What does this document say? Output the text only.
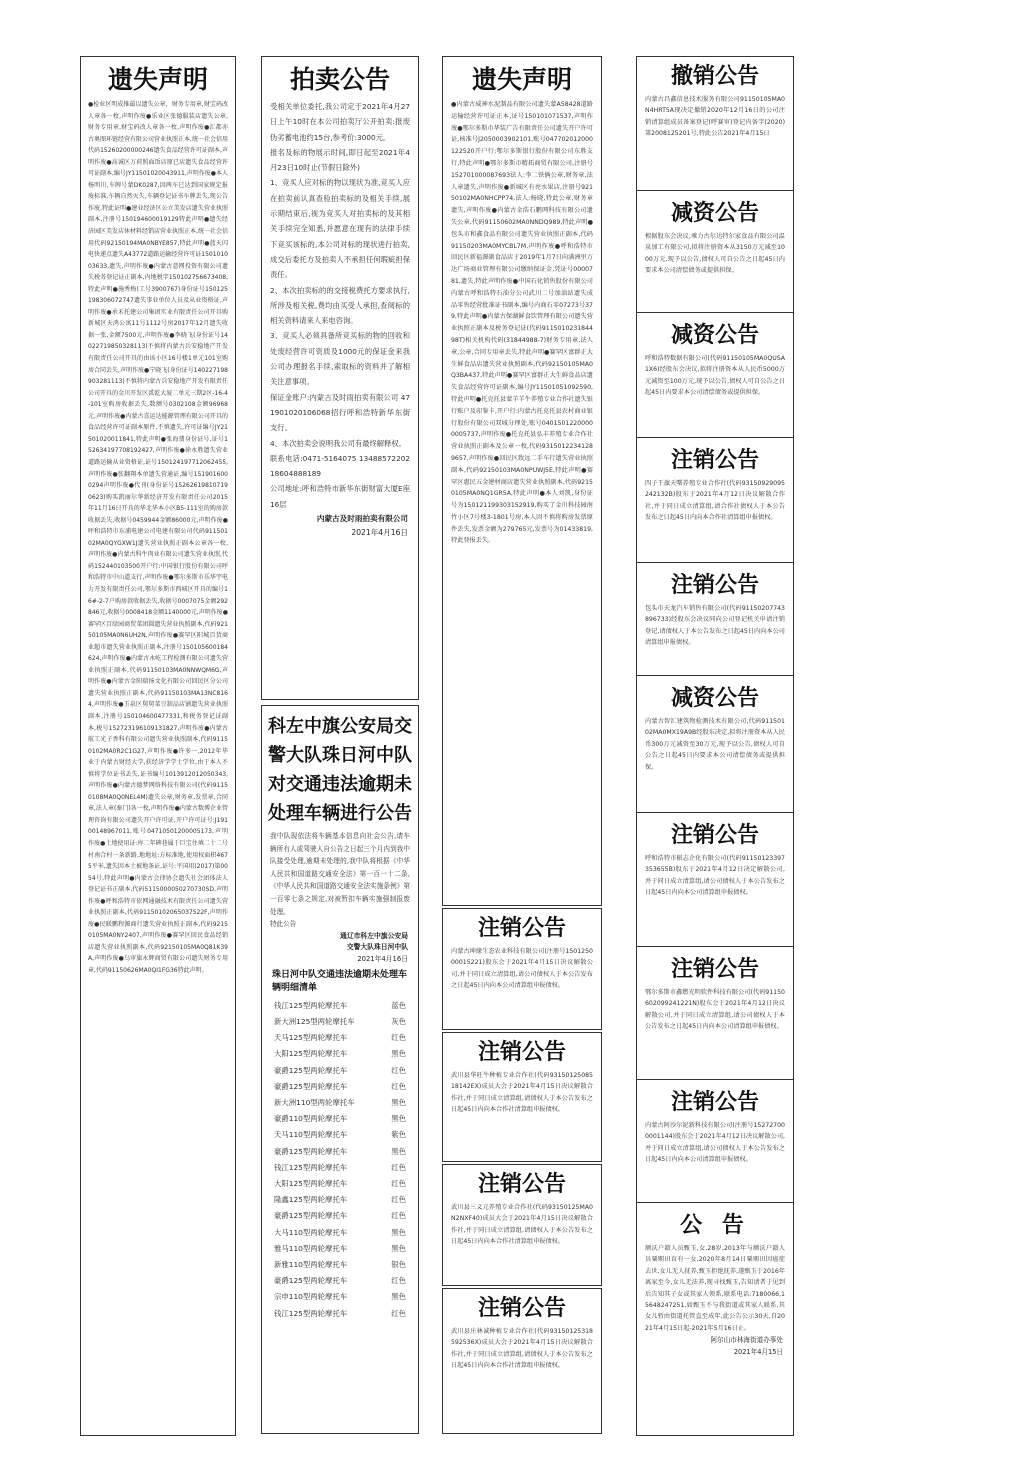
遗失声明
●检业区明成推最以遗失公章，财务专用章,财宝码改人章各一枚,声明作废●乐业区张德服装店遗失公章,财务专用章,财宝码改人章各一枚,声明作废●汇都亦古奥图环链经营有限公司营业执照正本,统一社会信用代码15260200000246遗失食品经营许可证副本,声明作废●高诚区万荷照面饭店原已店遗失食品经营许可证副本,编号JY11501020043911,声明作废●本人杨明川,车牌号蒙DK0287,因两车已达到国家规定报废标准,车辆自然灭失,车辆登记证书车牌丢失,现公告作废,特此证明●建业经济区公立美发店遗失营业执照副本,注册号150194600019129特此声明●遗失经济园区美发店休材料经销店营业执照正本,统一社会信用代码92150194MA0NBYE857,特此声明●蓝天闪电快递点遗失A43772道路运输经营许可证150101003633,遗失,声明作废●内蒙古意网投资有限公司遗失税务登记证正副本,内地税字150102756673408,特此声明●施秀梅(工号3900767)身份证号150125198306072747遗失事业单位人员及从业资格证,声明作废●承禾托建公司集团实业有限责任公司开具购新城区天鸿公寓11号1112号房2017年12月遗失收据一张,金额7500元,声明作废●李晓飞(身份证号14022719850328113)不慎将内蒙古兵安稳地产开发有限责任公司开具的由该小区16号楼1单元101室购房合同丢失,声明作废●宁晓飞(身份证号140227198903281113)不慎将内蒙古兵安稳地产开发有限责任公司开具的金川开发区贰乾大厦二单元三期2区-16-4-101室购房收据丢失,数额号0302108金额96968元,声明作废●内蒙古喜运达能源管理有限公司开具的食品经营许可证副本原件,不慎遗失,许可证编号JY21501020011841,特此声明●张海翡身份证号,证号152634197708192427,声明作废●徐永胜遗失营业道路运输从业资格证,证号150124197712062455,声明作废●张翻翔本单遗失营通证,编号1519016000294声明作废●代刊(身份证号152626198107190623)购买凯丽尔华新经济开发有限责任公司2015年11月16日开具的华北华本小区B5-111室的购房款收据丢失,收据号0459944金额86000元,声明作废●呼和浩特市东浦电建公司电建有限公司代码91150102MA0QYGXW1J遗失营业执照正副本公章各一枚,声明作废●内蒙古科牛肉业有限公司遗失营业执照,代码152440103500开户行:中国银行股份有限公司呼和浩特市中山道支行,声明作废●鄂尔多斯市乐华宇电力开发有限责任公司,鄂尔多斯市西城区开具的编号16#-2-7户购房款收据丢失,收据号0007075金额292846元,收据号0008418金额1140000元,声明作废●赛罕区百绿园商贸菜团圆遗失营业执照副本,代码92150105MA0N6UH2N,声明作废●赛罕区阳城百货商业超市遗失营业执照正副本,注册号150105600184624,声明作废●内蒙古永屹工程检测有限公司遗失营业执照正副本,代码91150103MA0NNWQM6G,声明作废●内蒙古金阳瑞扬文化有限公司回民区分公司遗失营业执照正副本,代码91150103MA13NC8164,声明作废●玉泉区舅舅菜豆制品店铺遗失营业执照副本,注册号150104600477331,和税务登记证副本,税号152723196109131827,声明作废●内蒙古航工光子香科有限公司遗失营业执照副本,代码91150102MA0R2C1G27,声明作废●许多一,2012年毕业于内蒙古财经大学,获经济学学士学位,由于本人不慎将学位证书丢失,证书编号1013912012050343,声明作废●内蒙古德梦网络科技有限公司(代码91150108MA0Q0NEL4M)遗失公章,财务章,发票章,合同章,法人章(秦门)各一枚,声明作废●内蒙古数博企业管理咨询有限公司遗失开户许可证,开户许可证号:J19100148967011,账号04710501200005173,声明作废●土地使用证:库二年碑巷属于巨宝住填二十二号村南合村一条新路,地地址:方标准地,使用权面积4675平米,遗失因本土被地条证,证号:平国用(2017)第0054号,特此声明●内蒙古会律协会遗失社会团体法人登记证书正副本,代码5115000050270730SD,声明作废●呼和浩特市依网通融技术有限责任公司遗失营业执照正副本,代码91150102065037522F,声明作废●民联鹏程源商行遗失营业执照正副本,代码92150105MA0NY2407,声明作废●赛罕区回民食品经销店遗失营业执照副本,代码92150105MA0Q81K39A,声明作废●乌审旗永辉商贸有限公司遗失财务专用章,代码91150626MA0QI1FG36特此声明。
拍卖公告
受相关单位委托,我公司定于2021年4月27日上午10时在本公司拍卖厅公开拍卖:报废伪劣蓄电池约15台,参考价:3000元。
报名及标的物展示时间,即日起至2021年4月23日10时止(节假日除外)
1、竞买人应对标的物以现状为准,竞买人应在拍卖前认真查验拍卖标的及相关手续,展示期结束后,视为竞买人对拍卖标的及其相关手续完全知悉,并愿意在现有的法律手续下竞买该标的,本公司对标的现状进行拍卖,成交后委托方及拍卖人不承担任何瑕疵担保责任。
2、本次拍卖标的的交接税费托方要求执行,所涉及相关税,费均由买受人承担,查阅标的相关资料请来人来电咨询。
3、竞买人必须具备所竞买标的物的回收和处废经营许可资质及1000元的保证金来我公司办理报名手续,索取标的资料并了解相关注意事项。
保证金账户:内蒙古及时雨拍卖有限公司 471901020106068招行呼和浩特新华东街支行。
4、本次拍卖会说明我公司有最终解释权。
联系电话:0471-5164075 13488572202 18604888189
公司地址:呼和浩特市新华东街财富大厦E座16层
内蒙古及时雨拍卖有限公司
2021年4月16日
科左中旗公安局交警大队珠日河中队对交通违法逾期未处理车辆进行公告
我中队现依法将车辆基本信息向社会公告,请车辆所有人或驾驶人自公告之日起三个月内到我中队接受处理,逾期未处理的,我中队将根据《中华人民共和国道路交通安全法》第一百一十二条,《中华人民共和国道路交通安全法实施条例》第一百零七条之规定,对被暂扣车辆实施强制报废处理。
特此公告
通辽市科左中旗公安局
交警大队珠日河中队
2021年4月16日
珠日河中队交通违法逾期未处理车辆明细清单
钱江125型两轮摩托车	蓝色
新大洲125型两轮摩托车	灰色
天马125型两轮摩托车	红色
大阳125型两轮摩托车	黑色
豪爵125型两轮摩托车	红色
豪爵125型两轮摩托车	红色
新大洲110型两轮摩托车	黑色
豪爵110型两轮摩托车	黑色
天马110型两轮摩托车	紫色
豪爵125型两轮摩托车	黑色
钱江125型两轮摩托车	红色
大阳125型两轮摩托车	红色
隆鑫125型两轮摩托车	红色
豪爵125型两轮摩托车	红色
大马110型两轮摩托车	黑色
雅马110型两轮摩托车	黑色
新雅110型两轮摩托车	银色
豪爵125型两轮摩托车	红色
宗申110型两轮摩托车	黑色
钱江125型两轮摩托车	红色
遗失声明
●内蒙古威神水泥制品有限公司遗失蒙A58428道路运输经营许可证正本,证号150101071537,声明作废●鄂尔多斯市华装广告有限责任公司遗失开户许可证,核准号J2050003902101,账号047702012000122520开户行:鄂尔多斯银行股份有限公司东胜支行,特此声明●鄂尔多斯市精拓商贸有限公司,注册号152701000087693法人:李二铁俩公章,财务章,法人章遗失,声明作废●新城区有亮水果店,注册号92150102MA0NHCPP74,法人:杨晓,特此公章,财务章遗失,声明作废●内蒙古金浩石鹏网科技有限公司遗失公章,代码91150602MA0NNDQ989,特此声明●包头市和鑫食品有限公司遗失营业执照正副本,代码91150203MA0MYCBL7M,声明作废●呼和浩特市回民区新福源副食品店于2019年1月7日向满洲里万达广场商业管理有限公司缴纳保证金,凭证号0000781,遗失,特此声明作废●中国石化销售股份有限公司内蒙古呼和浩特石油分公司武川二号加油站遗失成品零售经营批准证书副本,编号内商石零07273号379,特此声明●内蒙古保湖鲜食饮管理有限公司遗失营业执照正副本及税务登记证(代码911501023184498T)相关机构代码(31844988-7)财务专用章,法人章,公章,合同专用章丢失,特此声明●赛罕区富群正大生鲜食品店遗失营业执照副本,代码92150105MA0Q3BA437,特此声明●赛罕区富群正大生鲜食品店遗失食品经营许可证副本,编号JY11501051092590,特此声明●托克托县蒙羊羊牛养殖专业合作社遗失银行账户及印鉴卡,开户行:内蒙古托克托县农村商业银行股份有限公司双城分理处,账号04015012200000005737,声明作废●托克托县弘丰养殖专业合作社营业执照正副本及公章一枚,代码93150122341289657,声明作废●回民区致远二手车行遗失营业执照副本,代码92150103MA0NPUWJ5E,特此声明●赛罕区惠民五金建材商店遗失营业执照副本,代码92150105MA0NQ1GR5A,特此声明●本人刘凯,身份证号为150121199303152919,购买了金川科技园南竹小区7号楼3-1801号房,本人因不慎将购房发票原件丢失,发票金额为279765元,发票号为01433819,特此登报丢失。
注销公告
内蒙古坤缘生态农业科技有限公司(注册号150125000015221)股东会于2021年4月15日决议解散公司,并于同日成立清算组,请公司债权人于本公告发布之日起45日内向本公司清算组申报债权。
注销公告
武川县华旺牛种植专业合作社(代码9315012508518142EX)成员大会于2021年4月15日决议解散合作社,并于同日成立清算组,请债权人于本公告发布之日起45日内向本合作社清算组申报债权。
注销公告
武川县三义元养殖专业合作社(代码93150125MA0N2NXF40)成员大会于2021年4月15日决议解散合作社,并于同日成立清算组,请债权人于本公告发布之日起45日内向本合作社清算组申报债权。
注销公告
武川县庄林诚种植专业合作社(代码93150125318592536X)成员大会于2021年4月15日决议解散合作社,并于同日成立清算组,请债权人于本公告发布之日起45日内向本合作社清算组申报债权。
撤销公告
内蒙古昌鑫信息技术服务有限公司91150105MA0N4HRT5A现决定撤销2020年12月16日的公司注销清算组成员备案登记(呼赛审)登记内备字(2020)第2008125201号,特此公告2021年4月15日
减资公告
根据股东会决议,乘力古尔达特尔家食品有限公司温泉加工有限公司,拟将注册资本从3150万元减至1000万元,现予以公告,债权人可自公告之日起45日内要求本公司清偿债务或提供担保。
减资公告
呼和浩特数据有限公司(代码91150105MA0QUSA1X6)经股东会决议,拟将注册资本从人民币5000万元减资至100万元,现予以公告,债权人可自公告之日起45日内要求本公司清偿债务或提供担保。
注销公告
四子王旗天曙养殖专业合作社(代码93150929095242132B)股东于2021年4月12日决议解散合作社,并于同日成立清算组,请合作社债权人于本公告发布之日起45日内向本合作社清算组申报债权。
注销公告
包头市天龙汽车销售有限公司(代码91150207743896733)经股东会决议同向公司登记机关申请注销登记,请债权人于本公告发布之日起45日内向本公司清算组申报债权。
减资公告
内蒙古智汇建筑物检测技术有限公司,代码91150102MA0MX19A9B经股东决定,拟将注册资本从人民币300万元减资至30万元,现予以公告,债权人可自公告之日起45日内要求本公司清偿债务或提供担保。
注销公告
呼和浩特市振志企化有限公司(代码91150123397353655B)股东于2021年4月12日决定解散公司,并于同日成立清算组,请公司债权人于本公告发布之日起45日内向本公司清算组申报债权。
注销公告
鄂尔多斯市鑫燃光明软件科技有限公司(代码91150602099241221N)股东会于2021年4月12日决议解散公司,并于同日成立清算组,请公司债权人于本公告发布之日起45日内向本公司清算组申报债权。
注销公告
内蒙古阿沙尔泥新科技有限公司(注册号152727000001144)股东会于2021年4月12日决议解散公司,并于同日成立清算组,请公司债权人于本公告发布之日起45日内向本公司清算组申报债权。
公 告
额沃户籍人员甄玉,女,28岁,2013年与额沃户籍人员粟赐田育有一女,2020年8月14日粟赐田因癌症去世,女儿无人抚养,甄玉拒绝抚养,遂甄玉于2016年离家至今,女儿无法养,现寻找甄玉,告知请者于见到后告知其子女或其家人领系,联系电话:7180066,15648247251,如甄玉不与我街道或其家人联系,其女儿暂由街道托管直至成年,此公告公示30天,自2021年4月15日起-2021年5月16日止。
阿尔山市林海街道办事处
2021年4月15日
